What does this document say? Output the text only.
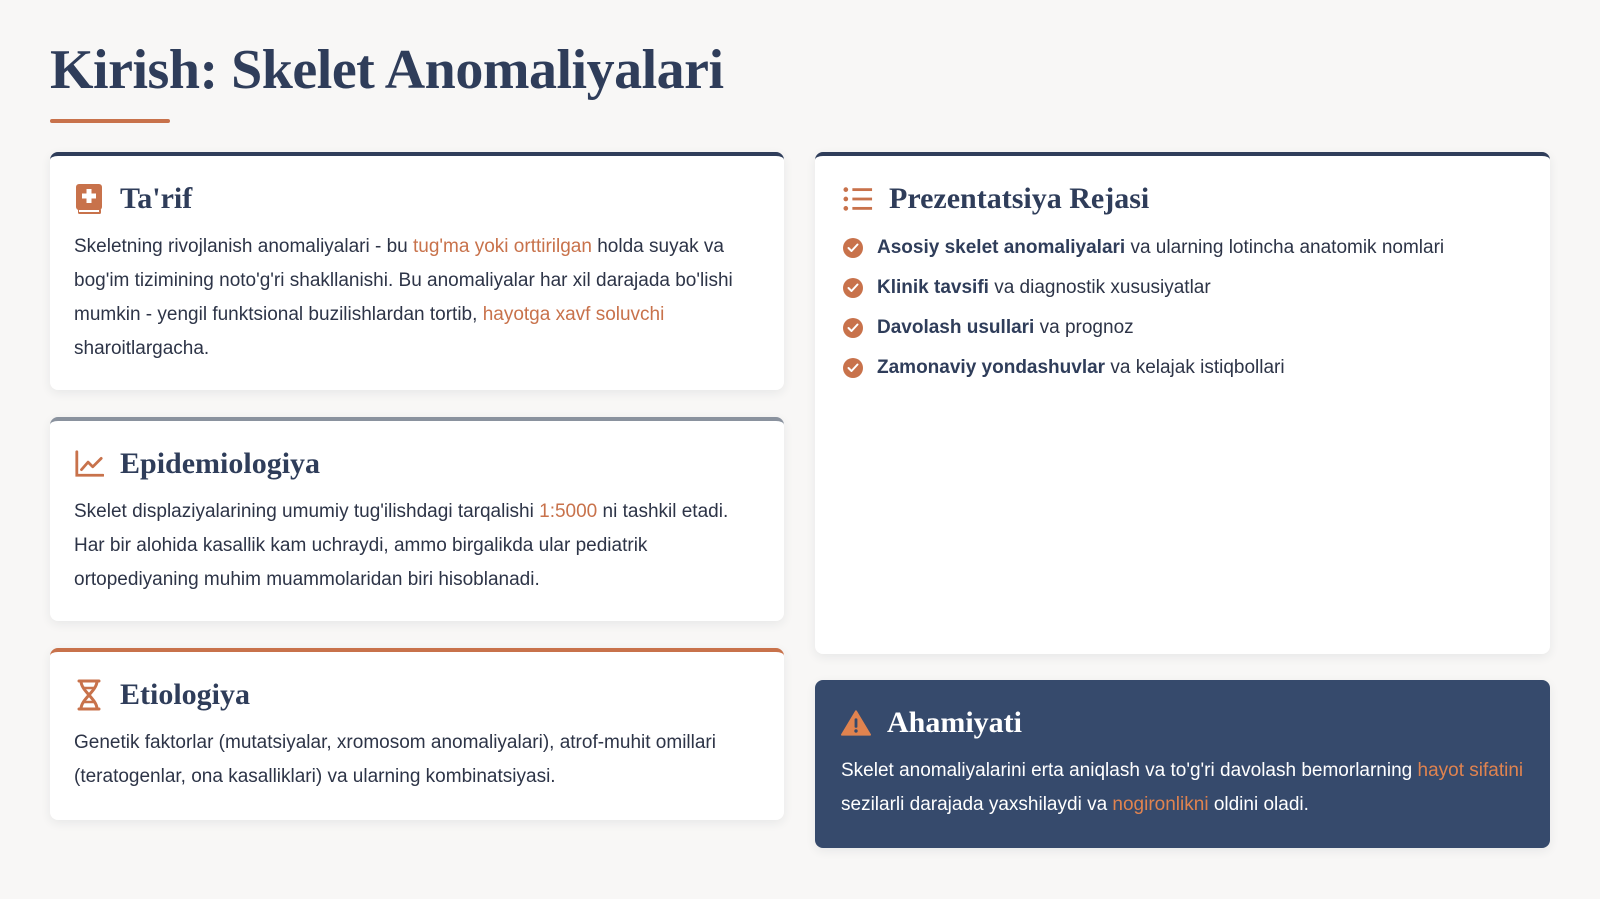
Kirish: Skelet Anomaliyalari
Ta'rif

Skeletning rivojlanish anomaliyalari - bu tug'ma yoki orttirilgan holda suyak va bog'im tizimining noto'g'ri shakllanishi. Bu anomaliyalar har xil darajada bo'lishi mumkin - yengil funktsional buzilishlardan tortib, hayotga xavf soluvchi sharoitlargacha.

Epidemiologiya

Skelet displaziyalarining umumiy tug'ilishdagi tarqalishi 1:5000 ni tashkil etadi. Har bir alohida kasallik kam uchraydi, ammo birgalikda ular pediatrik ortopediyaning muhim muammolaridan biri hisoblanadi.

Etiologiya

Genetik faktorlar (mutatsiyalar, xromosom anomaliyalari), atrof-muhit omillari (teratogenlar, ona kasalliklari) va ularning kombinatsiyasi.

Prezentatsiya Rejasi
Asosiy skelet anomaliyalari va ularning lotincha anatomik nomlari
Klinik tavsifi va diagnostik xususiyatlar
Davolash usullari va prognoz
Zamonaviy yondashuvlar va kelajak istiqbollari
Ahamiyati

Skelet anomaliyalarini erta aniqlash va to'g'ri davolash bemorlarning hayot sifatini sezilarli darajada yaxshilaydi va nogironlikni oldini oladi.
